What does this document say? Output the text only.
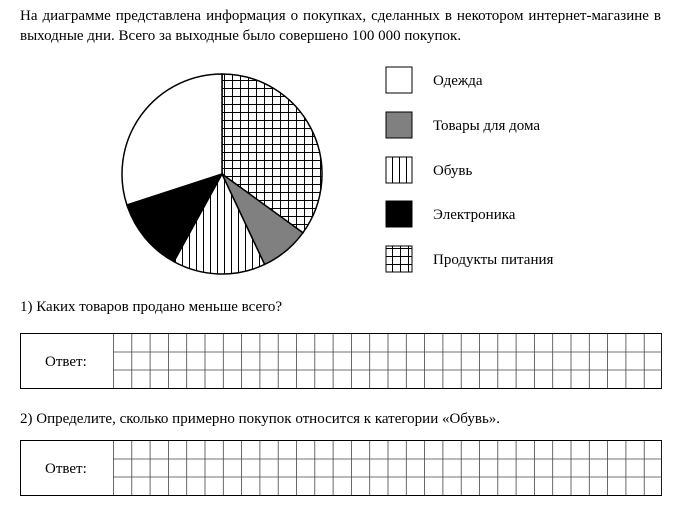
На диаграмме представлена информация о покупках, сделанных в некотором интернет-магазине в выходные дни. Всего за выходные было совершено 100 000 покупок.

Одежда
Товары для дома
Обувь
Электроника
Продукты питания
1) Каких товаров продано меньше всего?
Ответ:
2) Определите, сколько примерно покупок относится к категории «Обувь».
Ответ:
